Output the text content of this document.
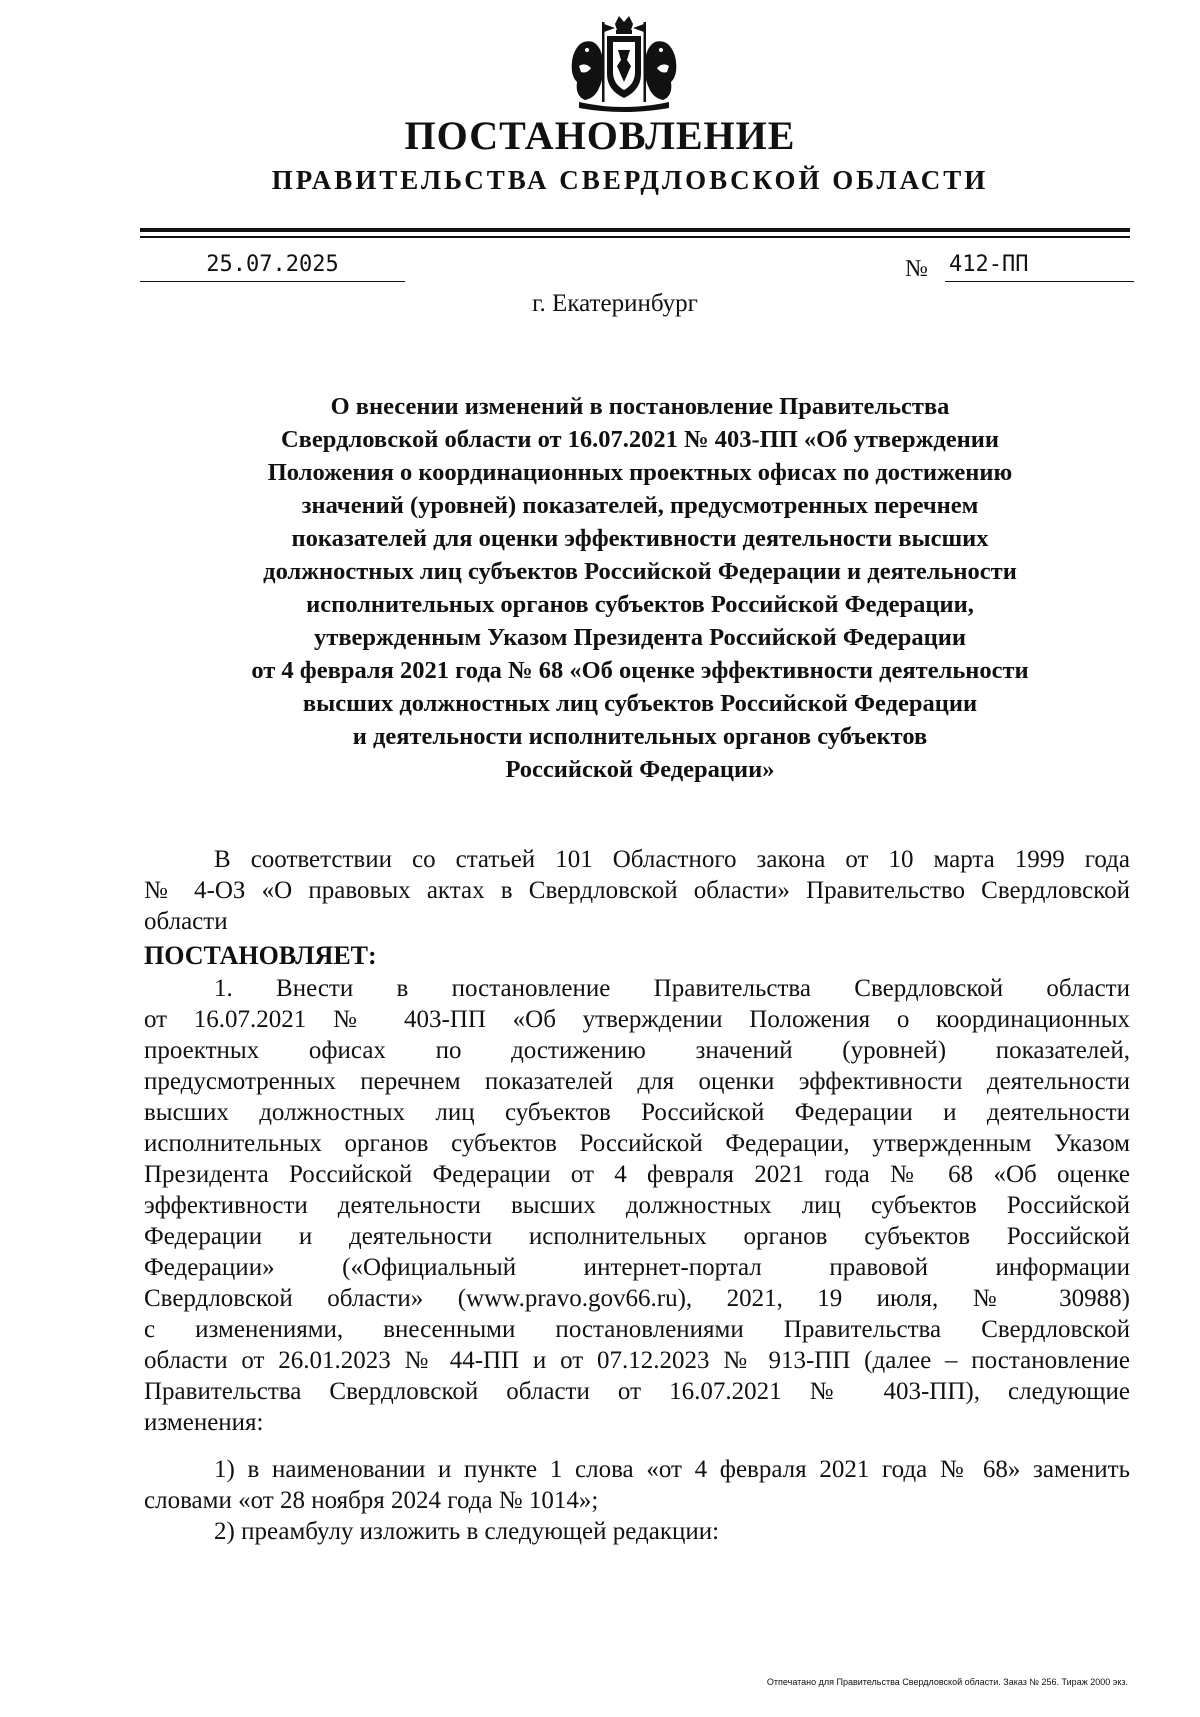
ПОСТАНОВЛЕНИЕ
ПРАВИТЕЛЬСТВА СВЕРДЛОВСКОЙ ОБЛАСТИ
25.07.2025	№ 412-ПП
г. Екатеринбург
О внесении изменений в постановление Правительства
Свердловской области от 16.07.2021 № 403-ПП «Об утверждении
Положения о координационных проектных офисах по достижению
значений (уровней) показателей, предусмотренных перечнем
показателей для оценки эффективности деятельности высших
должностных лиц субъектов Российской Федерации и деятельности
исполнительных органов субъектов Российской Федерации,
утвержденным Указом Президента Российской Федерации
от 4 февраля 2021 года № 68 «Об оценке эффективности деятельности
высших должностных лиц субъектов Российской Федерации
и деятельности исполнительных органов субъектов
Российской Федерации»
В соответствии со статьей 101 Областного закона от 10 марта 1999 года
№ 4-ОЗ «О правовых актах в Свердловской области» Правительство Свердловской
области
ПОСТАНОВЛЯЕТ:
1. Внести в постановление Правительства Свердловской области
от 16.07.2021 № 403-ПП «Об утверждении Положения о координационных
проектных офисах по достижению значений (уровней) показателей,
предусмотренных перечнем показателей для оценки эффективности деятельности
высших должностных лиц субъектов Российской Федерации и деятельности
исполнительных органов субъектов Российской Федерации, утвержденным Указом
Президента Российской Федерации от 4 февраля 2021 года № 68 «Об оценке
эффективности деятельности высших должностных лиц субъектов Российской
Федерации и деятельности исполнительных органов субъектов Российской
Федерации» («Официальный интернет-портал правовой информации
Свердловской области» (www.pravo.gov66.ru), 2021, 19 июля, № 30988)
с изменениями, внесенными постановлениями Правительства Свердловской
области от 26.01.2023 № 44-ПП и от 07.12.2023 № 913-ПП (далее – постановление
Правительства Свердловской области от 16.07.2021 № 403-ПП), следующие
изменения:
1) в наименовании и пункте 1 слова «от 4 февраля 2021 года № 68» заменить
словами «от 28 ноября 2024 года № 1014»;
2) преамбулу изложить в следующей редакции:
Отпечатано для Правительства Свердловской области. Заказ № 256. Тираж 2000 экз.
